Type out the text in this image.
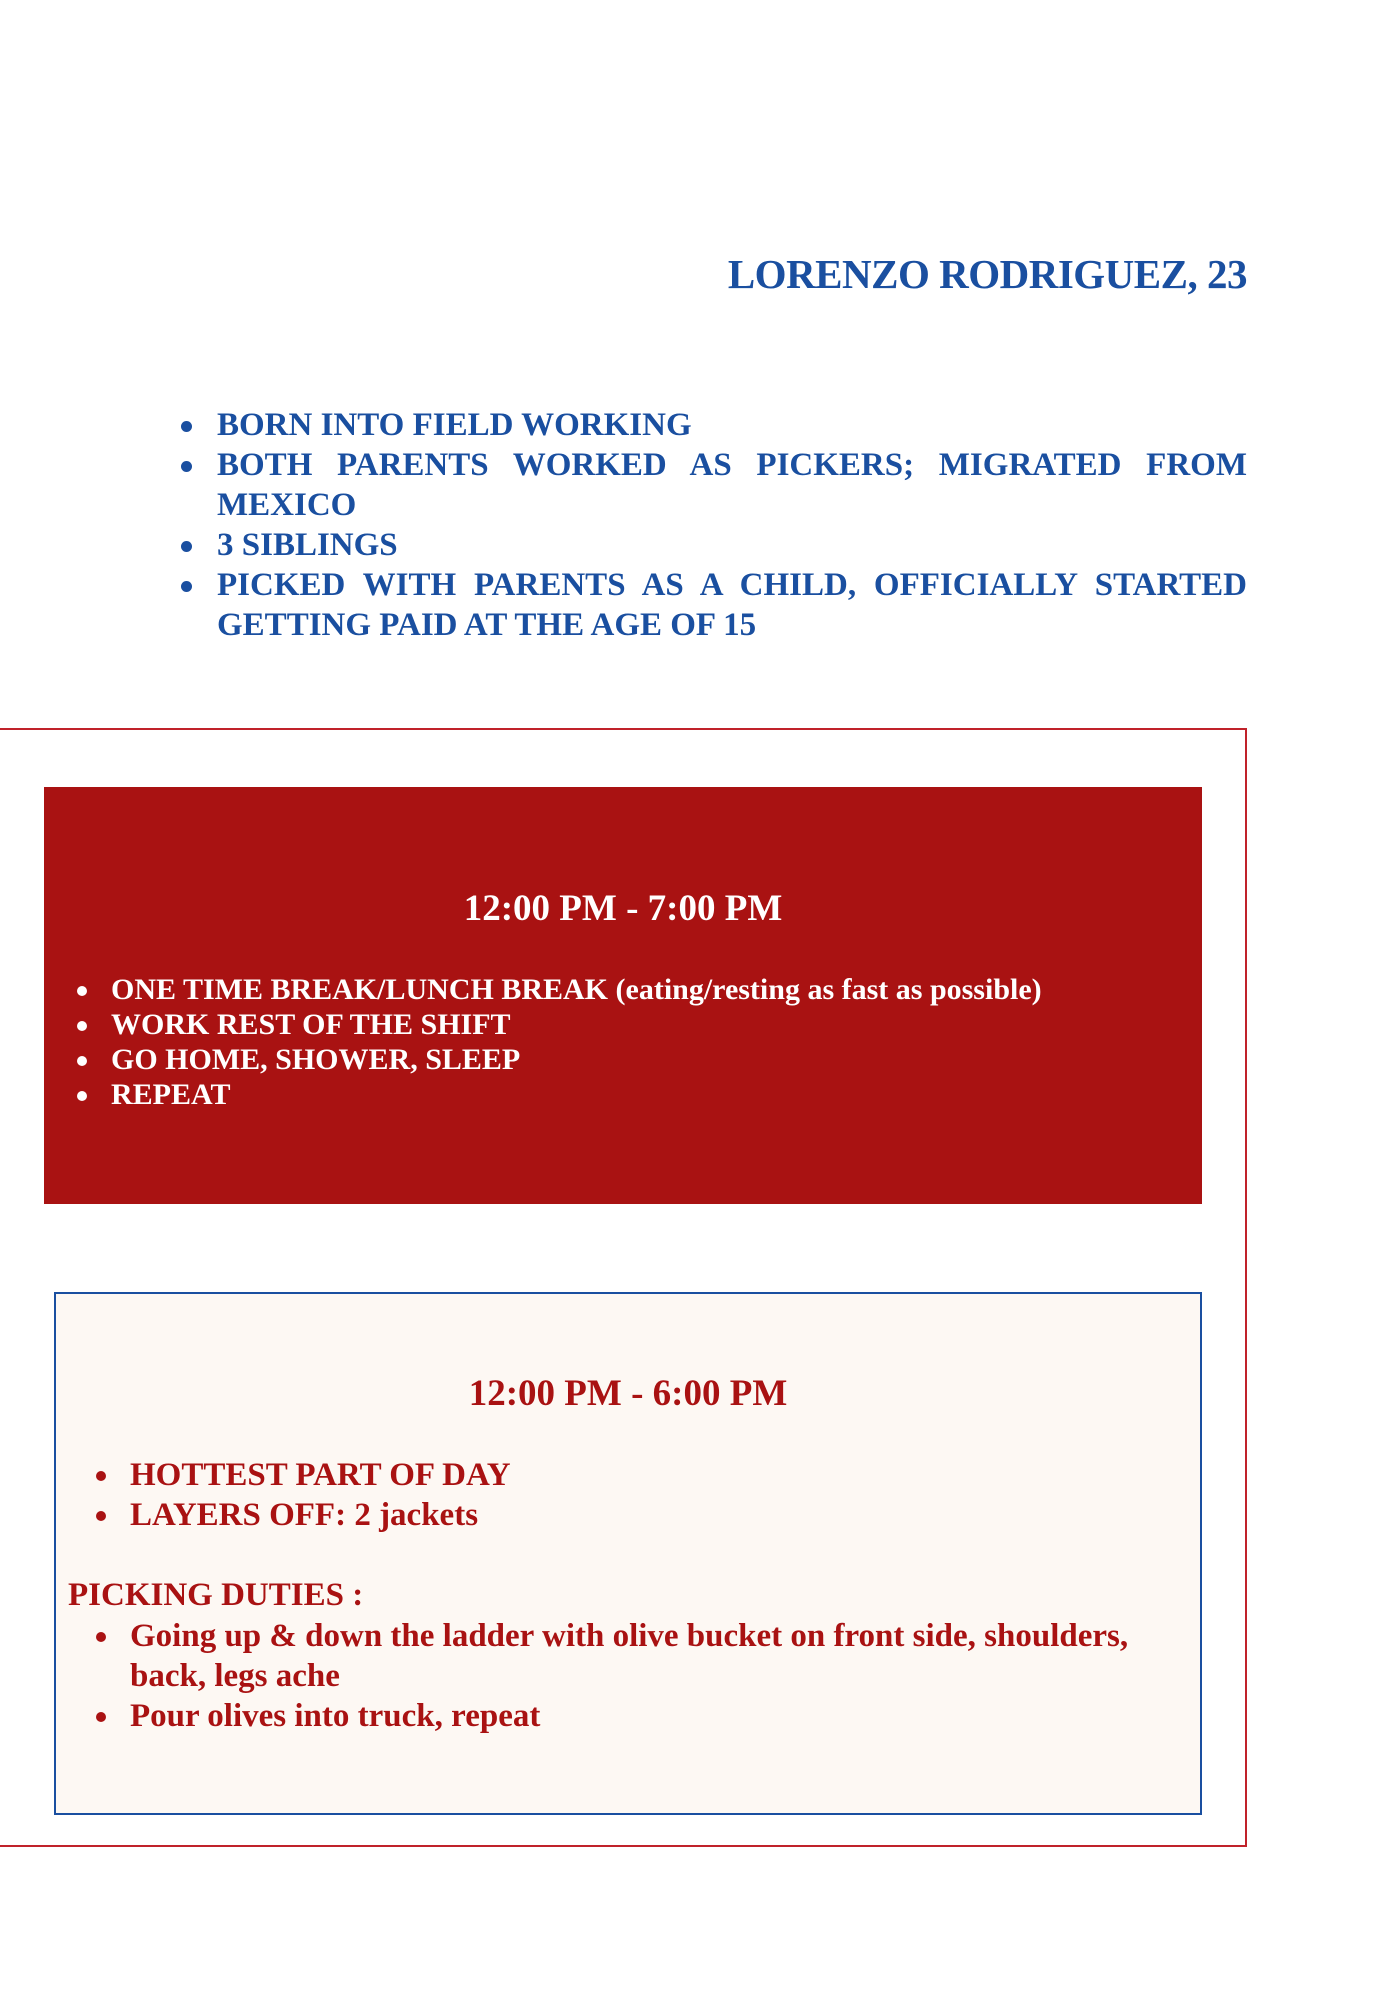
LORENZO RODRIGUEZ, 23
BORN INTO FIELD WORKING
BOTH PARENTS WORKED AS PICKERS; MIGRATED FROM MEXICO
3 SIBLINGS
PICKED WITH PARENTS AS A CHILD, OFFICIALLY STARTED GETTING PAID AT THE AGE OF 15
12:00 PM - 7:00 PM
ONE TIME BREAK/LUNCH BREAK (eating/resting as fast as possible)
WORK REST OF THE SHIFT
GO HOME, SHOWER, SLEEP
REPEAT
12:00 PM - 6:00 PM
HOTTEST PART OF DAY
LAYERS OFF: 2 jackets
PICKING DUTIES :
Going up & down the ladder with olive bucket on front side, shoulders, back, legs ache
Pour olives into truck, repeat
